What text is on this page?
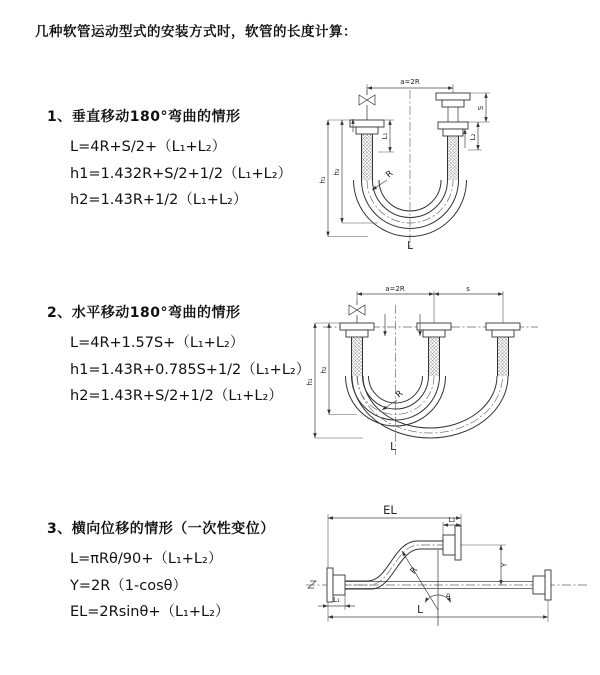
几种软管运动型式的安装方式时，软管的长度计算：
1、垂直移动180°弯曲的情形
L=4R+S/2+（L₁+L₂）
h1=1.432R+S/2+1/2（L₁+L₂）
h2=1.43R+1/2（L₁+L₂）
2、水平移动180°弯曲的情形
L=4R+1.57S+（L₁+L₂）
h1=1.43R+0.785S+1/2（L₁+L₂）
h2=1.43R+S/2+1/2（L₁+L₂）
3、横向位移的情形（一次性变位）
L=πRθ/90+（L₁+L₂）
Y=2R（1-cosθ）
EL=2Rsinθ+（L₁+L₂）
a=2R
S
L₂
L₁
h₂
h₁	R
L
a=2R	s
h₂
h₁
R
L
θ
R
EL
L₂
Y
L
L₁
